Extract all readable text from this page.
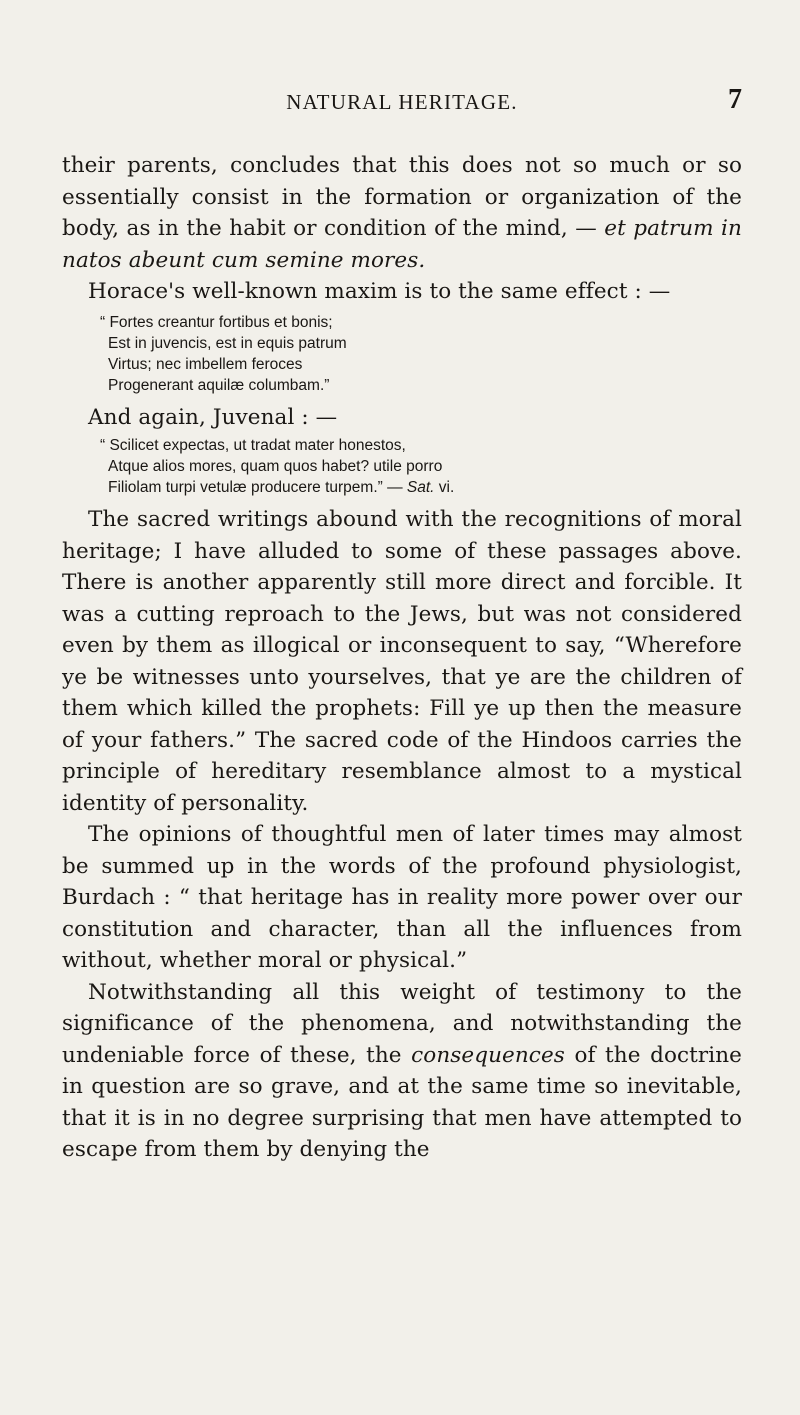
NATURAL HERITAGE.	7

their parents, concludes that this does not so much or so essentially consist in the formation or organization of the body, as in the habit or condition of the mind, — et patrum in natos abeunt cum semine mores.

Horace's well-known maxim is to the same effect : —

“ Fortes creantur fortibus et bonis;
Est in juvencis, est in equis patrum
Virtus; nec imbellem feroces
Progenerant aquilæ columbam.”

And again, Juvenal : —

“ Scilicet expectas, ut tradat mater honestos,
Atque alios mores, quam quos habet? utile porro
Filiolam turpi vetulæ producere turpem.” — Sat. vi.

The sacred writings abound with the recognitions of moral heritage; I have alluded to some of these passages above. There is another apparently still more direct and forcible. It was a cutting reproach to the Jews, but was not considered even by them as illogical or inconsequent to say, “Wherefore ye be witnesses unto yourselves, that ye are the children of them which killed the prophets: Fill ye up then the measure of your fathers.” The sacred code of the Hindoos carries the principle of hereditary resemblance almost to a mystical identity of personality.

The opinions of thoughtful men of later times may almost be summed up in the words of the profound physiologist, Burdach : “ that heritage has in reality more power over our constitution and character, than all the influences from without, whether moral or physical.”

Notwithstanding all this weight of testimony to the significance of the phenomena, and notwithstanding the undeniable force of these, the consequences of the doctrine in question are so grave, and at the same time so inevitable, that it is in no degree surprising that men have attempted to escape from them by denying the
